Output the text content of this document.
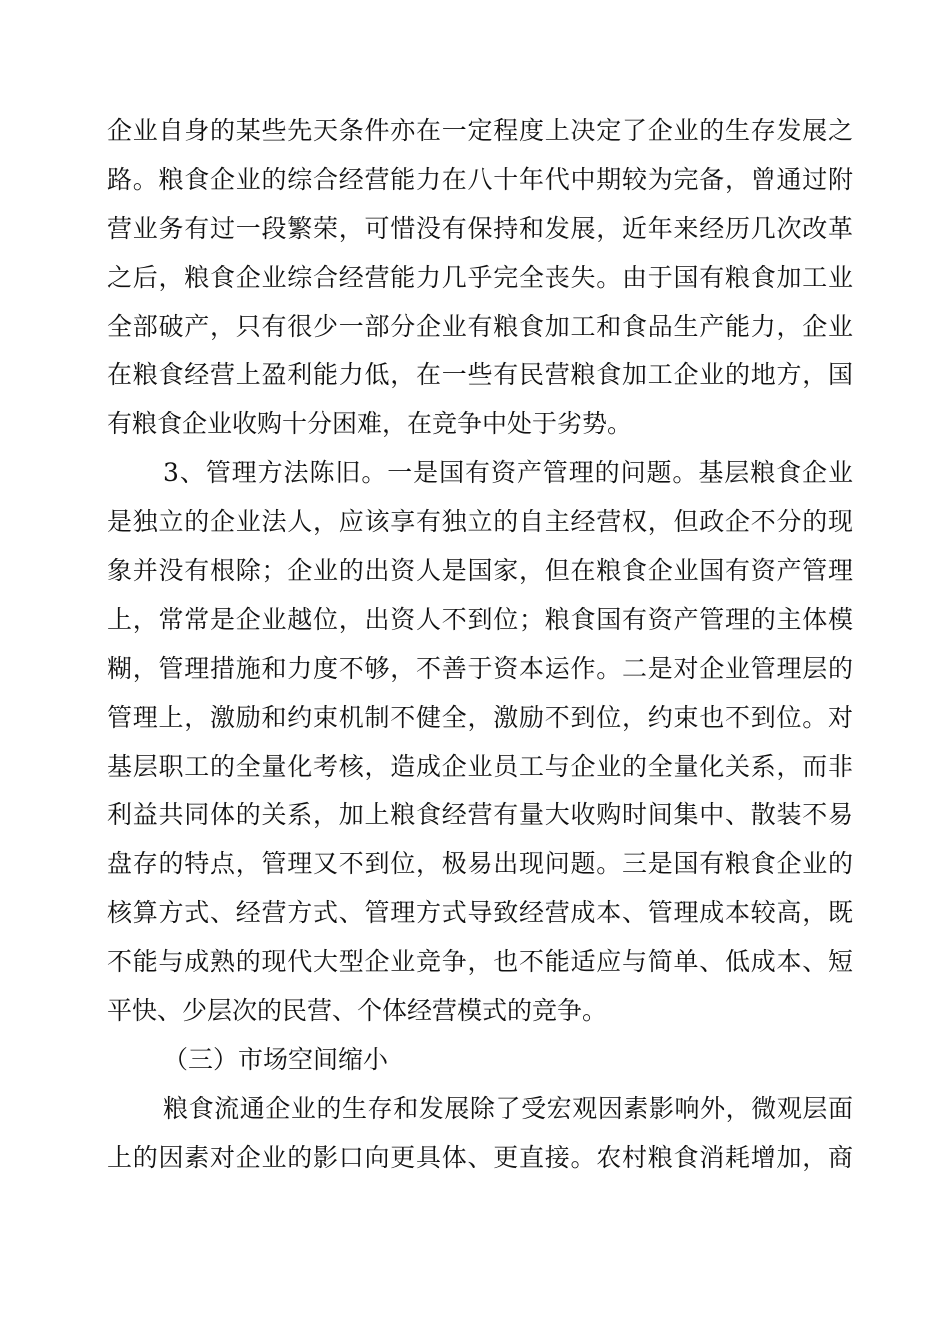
企业自身的某些先天条件亦在一定程度上决定了企业的生存发展之
路。粮食企业的综合经营能力在八十年代中期较为完备，曾通过附
营业务有过一段繁荣，可惜没有保持和发展，近年来经历几次改革
之后，粮食企业综合经营能力几乎完全丧失。由于国有粮食加工业
全部破产，只有很少一部分企业有粮食加工和食品生产能力，企业
在粮食经营上盈利能力低，在一些有民营粮食加工企业的地方，国
有粮食企业收购十分困难，在竞争中处于劣势。
3、管理方法陈旧。一是国有资产管理的问题。基层粮食企业
是独立的企业法人，应该享有独立的自主经营权，但政企不分的现
象并没有根除；企业的出资人是国家，但在粮食企业国有资产管理
上，常常是企业越位，出资人不到位；粮食国有资产管理的主体模
糊，管理措施和力度不够，不善于资本运作。二是对企业管理层的
管理上，激励和约束机制不健全，激励不到位，约束也不到位。对
基层职工的全量化考核，造成企业员工与企业的全量化关系，而非
利益共同体的关系，加上粮食经营有量大收购时间集中、散装不易
盘存的特点，管理又不到位，极易出现问题。三是国有粮食企业的
核算方式、经营方式、管理方式导致经营成本、管理成本较高，既
不能与成熟的现代大型企业竞争，也不能适应与简单、低成本、短
平快、少层次的民营、个体经营模式的竞争。
（三）市场空间缩小
粮食流通企业的生存和发展除了受宏观因素影响外，微观层面
上的因素对企业的影口向更具体、更直接。农村粮食消耗增加，商
